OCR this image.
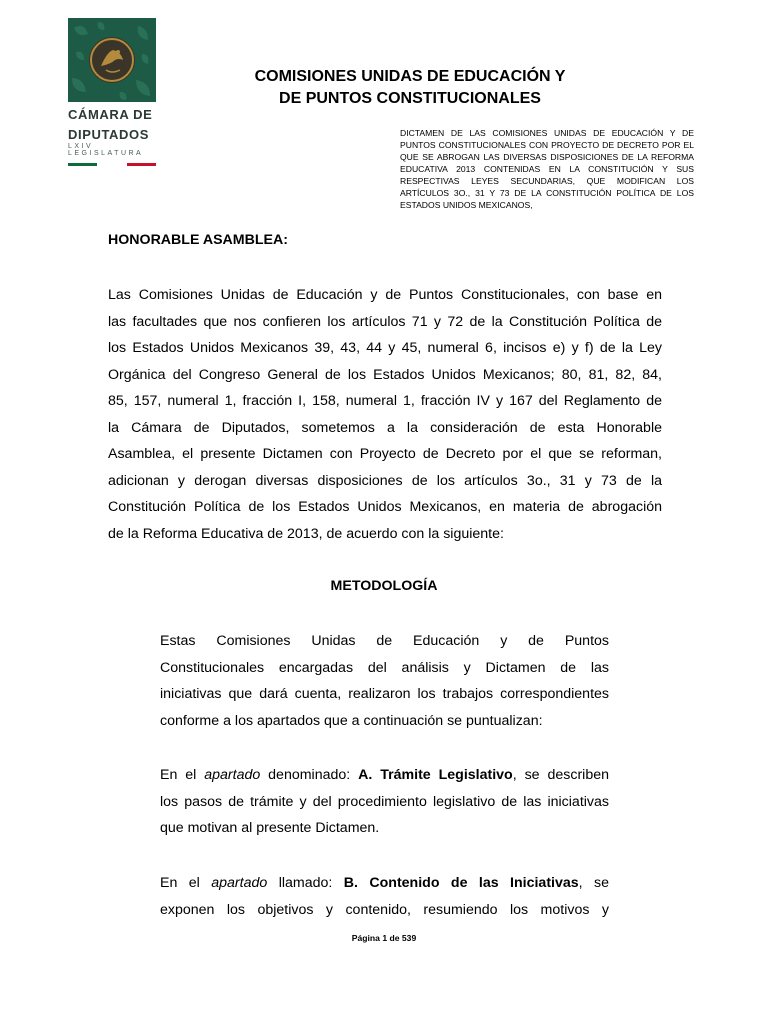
CÁMARA DE
DIPUTADOS
LXIV LEGISLATURA
COMISIONES UNIDAS DE EDUCACIÓN Y
DE PUNTOS CONSTITUCIONALES
DICTAMEN DE LAS COMISIONES UNIDAS DE EDUCACIÓN Y DE
PUNTOS CONSTITUCIONALES CON PROYECTO DE DECRETO POR EL
QUE SE ABROGAN LAS DIVERSAS DISPOSICIONES DE LA REFORMA
EDUCATIVA 2013 CONTENIDAS EN LA CONSTITUCIÓN Y SUS
RESPECTIVAS LEYES SECUNDARIAS, QUE MODIFICAN LOS
ARTÍCULOS 3O., 31 Y 73 DE LA CONSTITUCIÓN POLÍTICA DE LOS
ESTADOS UNIDOS MEXICANOS,
HONORABLE ASAMBLEA:
Las Comisiones Unidas de Educación y de Puntos Constitucionales, con base en
las facultades que nos confieren los artículos 71 y 72 de la Constitución Política de
los Estados Unidos Mexicanos 39, 43, 44 y 45, numeral 6, incisos e) y f) de la Ley
Orgánica del Congreso General de los Estados Unidos Mexicanos; 80, 81, 82, 84,
85, 157, numeral 1, fracción I, 158, numeral 1, fracción IV y 167 del Reglamento de
la Cámara de Diputados, sometemos a la consideración de esta Honorable
Asamblea, el presente Dictamen con Proyecto de Decreto por el que se reforman,
adicionan y derogan diversas disposiciones de los artículos 3o., 31 y 73 de la
Constitución Política de los Estados Unidos Mexicanos, en materia de abrogación
de la Reforma Educativa de 2013, de acuerdo con la siguiente:
METODOLOGÍA
Estas Comisiones Unidas de Educación y de Puntos
Constitucionales encargadas del análisis y Dictamen de las
iniciativas que dará cuenta, realizaron los trabajos correspondientes
conforme a los apartados que a continuación se puntualizan:
En el apartado denominado: A. Trámite Legislativo, se describen
los pasos de trámite y del procedimiento legislativo de las iniciativas
que motivan al presente Dictamen.
En el apartado llamado: B. Contenido de las Iniciativas, se
exponen los objetivos y contenido, resumiendo los motivos y
Página 1 de 539
